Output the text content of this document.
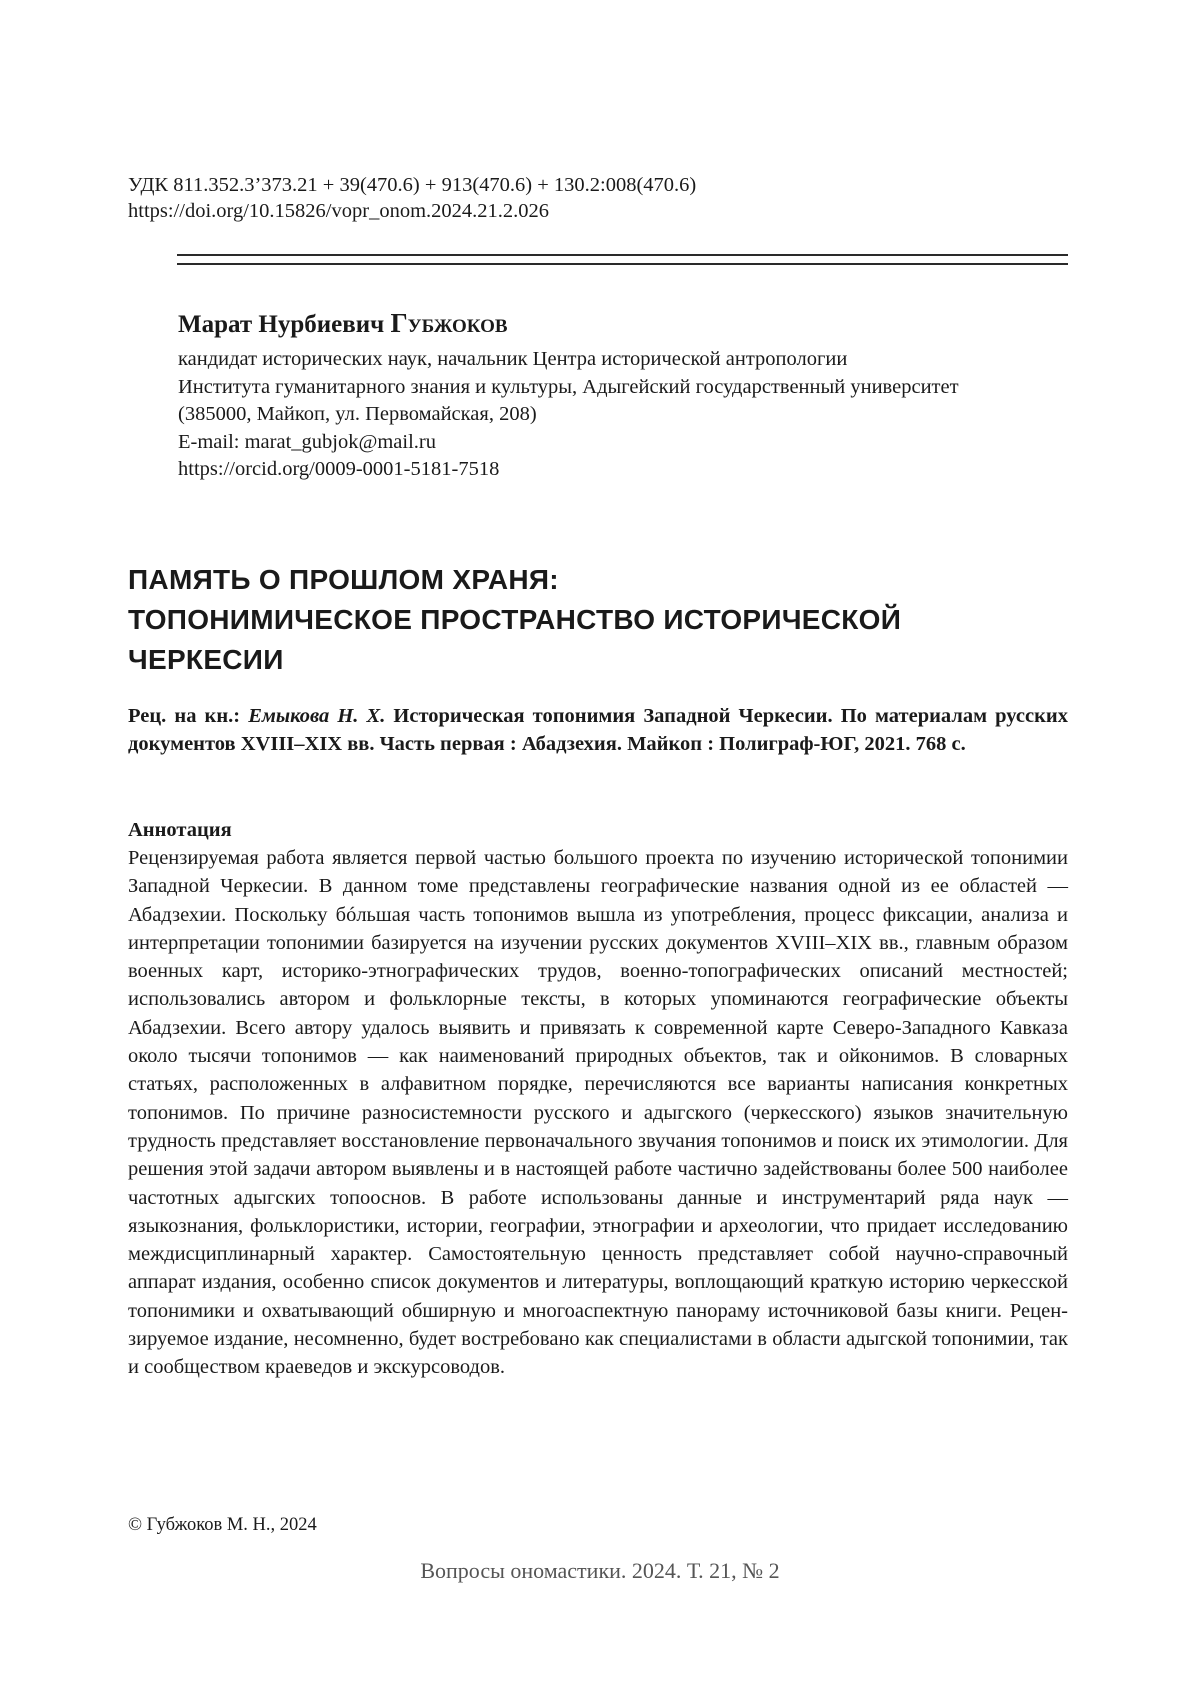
УДК 811.352.3’373.21 + 39(470.6) + 913(470.6) + 130.2:008(470.6)
https://doi.org/10.15826/vopr_onom.2024.21.2.026
Марат Нурбиевич Губжоков
кандидат исторических наук, начальник Центра исторической антропологии
Института гуманитарного знания и культуры, Адыгейский государственный университет
(385000, Майкоп, ул. Первомайская, 208)
E-mail: marat_gubjok@mail.ru
https://orcid.org/0009-0001-5181-7518
ПАМЯТЬ О ПРОШЛОМ ХРАНЯ:
ТОПОНИМИЧЕСКОЕ ПРОСТРАНСТВО ИСТОРИЧЕСКОЙ
ЧЕРКЕСИИ
Рец. на кн.: Емыкова Н. Х. Историческая топонимия Западной Черкесии. По материалам русских документов XVIII–XIX вв. Часть первая : Абадзехия. Майкоп : Полиграф-ЮГ, 2021. 768 с.
Аннотация

Рецензируемая работа является первой частью большого проекта по изучению исторической топонимии Западной Черкесии. В данном томе представлены географические названия одной из ее областей — Абадзехии. Поскольку бóльшая часть топонимов вышла из употребления, процесс фиксации, анализа и интерпретации топонимии базируется на изучении русских документов XVIII–XIX вв., главным образом военных карт, историко-этнографических трудов, военно-топографических описаний местностей; использовались автором и фольклорные тексты, в которых упоминаются географические объекты Абадзехии. Всего автору удалось выявить и привязать к современной карте Северо-Западного Кавказа около тысячи топонимов — как наименований природных объектов, так и ойконимов. В словарных статьях, расположенных в алфавитном порядке, перечисляются все варианты написания конкретных топонимов. По причине разносистемности русского и адыгского (черкесского) языков значительную трудность представляет восстановление первоначального звучания топонимов и поиск их этимологии. Для решения этой задачи автором выявлены и в настоящей работе частично задействованы более 500 наиболее частотных адыгских топооснов. В работе использованы данные и инструментарий ряда наук — языкознания, фольклористики, истории, географии, этнографии и археологии, что придает исследованию междисциплинарный характер. Самостоятельную ценность представляет собой научно-справочный аппарат издания, особенно список документов и литературы, воплощающий краткую историю черкесской топонимики и охватывающий обширную и многоаспектную панораму источниковой базы книги. Рецензируемое издание, несомненно, будет востребовано как специалистами в области адыгской топонимии, так и сообществом краеведов и экскурсоводов.

© Губжоков М. Н., 2024
Вопросы ономастики. 2024. Т. 21, № 2
